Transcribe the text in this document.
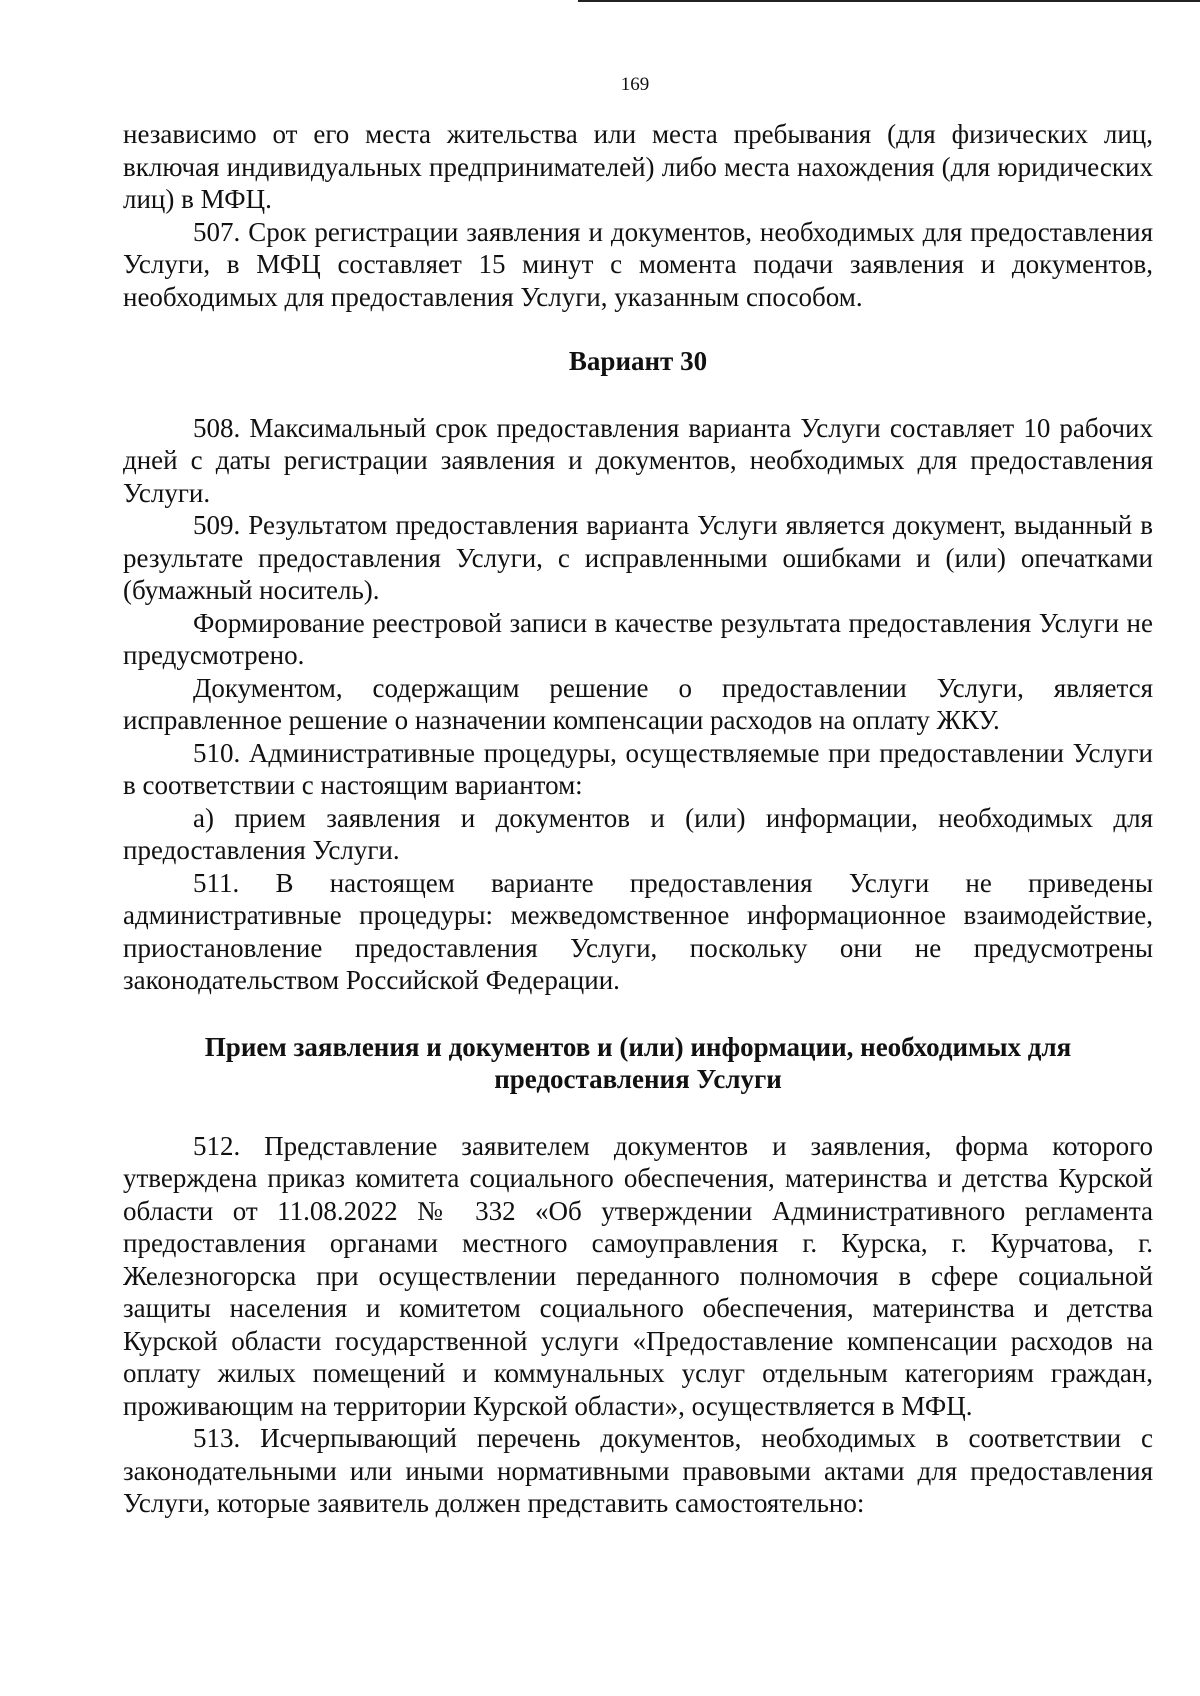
169

независимо от его места жительства или места пребывания (для физических лиц, включая индивидуальных предпринимателей) либо места нахождения (для юридических лиц) в МФЦ.

507. Срок регистрации заявления и документов, необходимых для предоставления Услуги, в МФЦ составляет 15 минут с момента подачи заявления и документов, необходимых для предоставления Услуги, указанным способом.

Вариант 30

508. Максимальный срок предоставления варианта Услуги составляет 10 рабочих дней с даты регистрации заявления и документов, необходимых для предоставления Услуги.

509. Результатом предоставления варианта Услуги является документ, выданный в результате предоставления Услуги, с исправленными ошибками и (или) опечатками (бумажный носитель).

Формирование реестровой записи в качестве результата предоставления Услуги не предусмотрено.

Документом, содержащим решение о предоставлении Услуги, является исправленное решение о назначении компенсации расходов на оплату ЖКУ.

510. Административные процедуры, осуществляемые при предоставлении Услуги в соответствии с настоящим вариантом:

а) прием заявления и документов и (или) информации, необходимых для предоставления Услуги.

511. В настоящем варианте предоставления Услуги не приведены административные процедуры: межведомственное информационное взаимодействие, приостановление предоставления Услуги, поскольку они не предусмотрены законодательством Российской Федерации.

Прием заявления и документов и (или) информации, необходимых для предоставления Услуги

512. Представление заявителем документов и заявления, форма которого утверждена приказ комитета социального обеспечения, материнства и детства Курской области от 11.08.2022 № 332 «Об утверждении Административного регламента предоставления органами местного самоуправления г. Курска, г. Курчатова, г. Железногорска при осуществлении переданного полномочия в сфере социальной защиты населения и комитетом социального обеспечения, материнства и детства Курской области государственной услуги «Предоставление компенсации расходов на оплату жилых помещений и коммунальных услуг отдельным категориям граждан, проживающим на территории Курской области», осуществляется в МФЦ.

513. Исчерпывающий перечень документов, необходимых в соответствии с законодательными или иными нормативными правовыми актами для предоставления Услуги, которые заявитель должен представить самостоятельно:
